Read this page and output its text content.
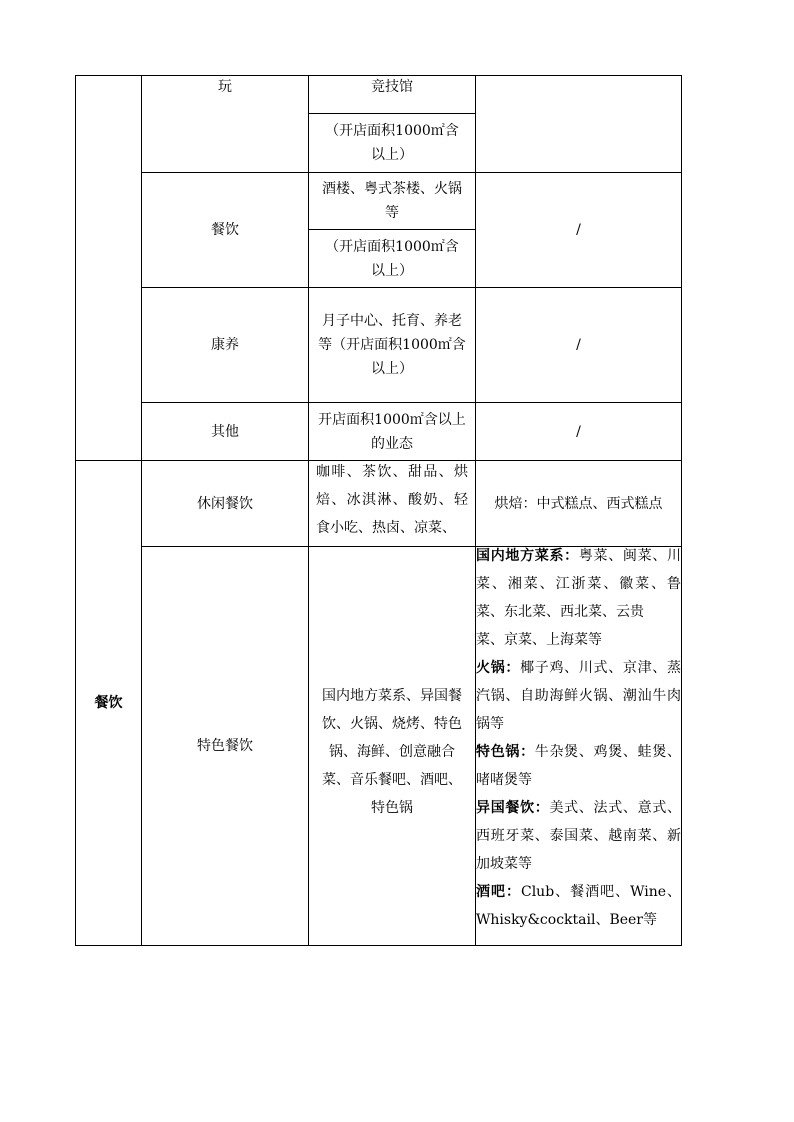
玩	竞技馆
（开店面积1000㎡含以上）
餐饮
酒楼、粤式茶楼、火锅等
（开店面积1000㎡含以上）
/
康养
月子中心、托育、养老等（开店面积1000㎡含以上）
/
其他
开店面积1000㎡含以上的业态
/
餐饮
休闲餐饮
咖啡、茶饮、甜品、烘焙、冰淇淋、酸奶、轻食小吃、热卤、凉菜、
烘焙：中式糕点、西式糕点
特色餐饮
国内地方菜系、异国餐饮、火锅、烧烤、特色锅、海鲜、创意融合菜、音乐餐吧、酒吧、特色锅

国内地方菜系：粤菜、闽菜、川菜、湘菜、江浙菜、徽菜、鲁菜、东北菜、西北菜、云贵
菜、京菜、上海菜等

火锅：椰子鸡、川式、京津、蒸汽锅、自助海鲜火锅、潮汕牛肉锅等

特色锅：牛杂煲、鸡煲、蛙煲、啫啫煲等

异国餐饮：美式、法式、意式、西班牙菜、泰国菜、越南菜、新加坡菜等

酒吧：Club、餐酒吧、Wine、Whisky&cocktail、Beer等
